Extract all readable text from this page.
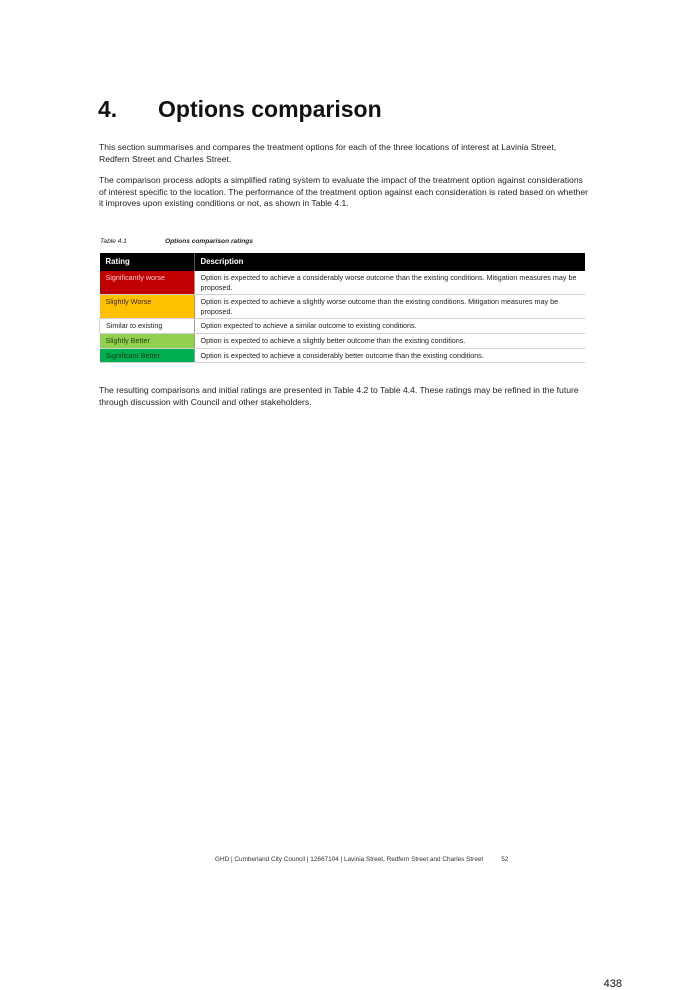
4.	Options comparison
This section summarises and compares the treatment options for each of the three locations of interest at Lavinia Street, Redfern Street and Charles Street.
The comparison process adopts a simplified rating system to evaluate the impact of the treatment option against considerations of interest specific to the location. The performance of the treatment option against each consideration is rated based on whether it improves upon existing conditions or not, as shown in Table 4.1.
Table 4.1	Options comparison ratings
Rating	Description
Significantly worse	Option is expected to achieve a considerably worse outcome than the existing conditions. Mitigation measures may be proposed.
Slightly Worse	Option is expected to achieve a slightly worse outcome than the existing conditions. Mitigation measures may be proposed.
Similar to existing	Option expected to achieve a similar outcome to existing conditions.
Slightly Better	Option is expected to achieve a slightly better outcome than the existing conditions.
Significant Better	Option is expected to achieve a considerably better outcome than the existing conditions.
The resulting comparisons and initial ratings are presented in Table 4.2 to Table 4.4. These ratings may be refined in the future through discussion with Council and other stakeholders.
GHD | Cumberland City Council | 12667104 | Lavinia Street, Redfern Street and Charles Street	52
438
